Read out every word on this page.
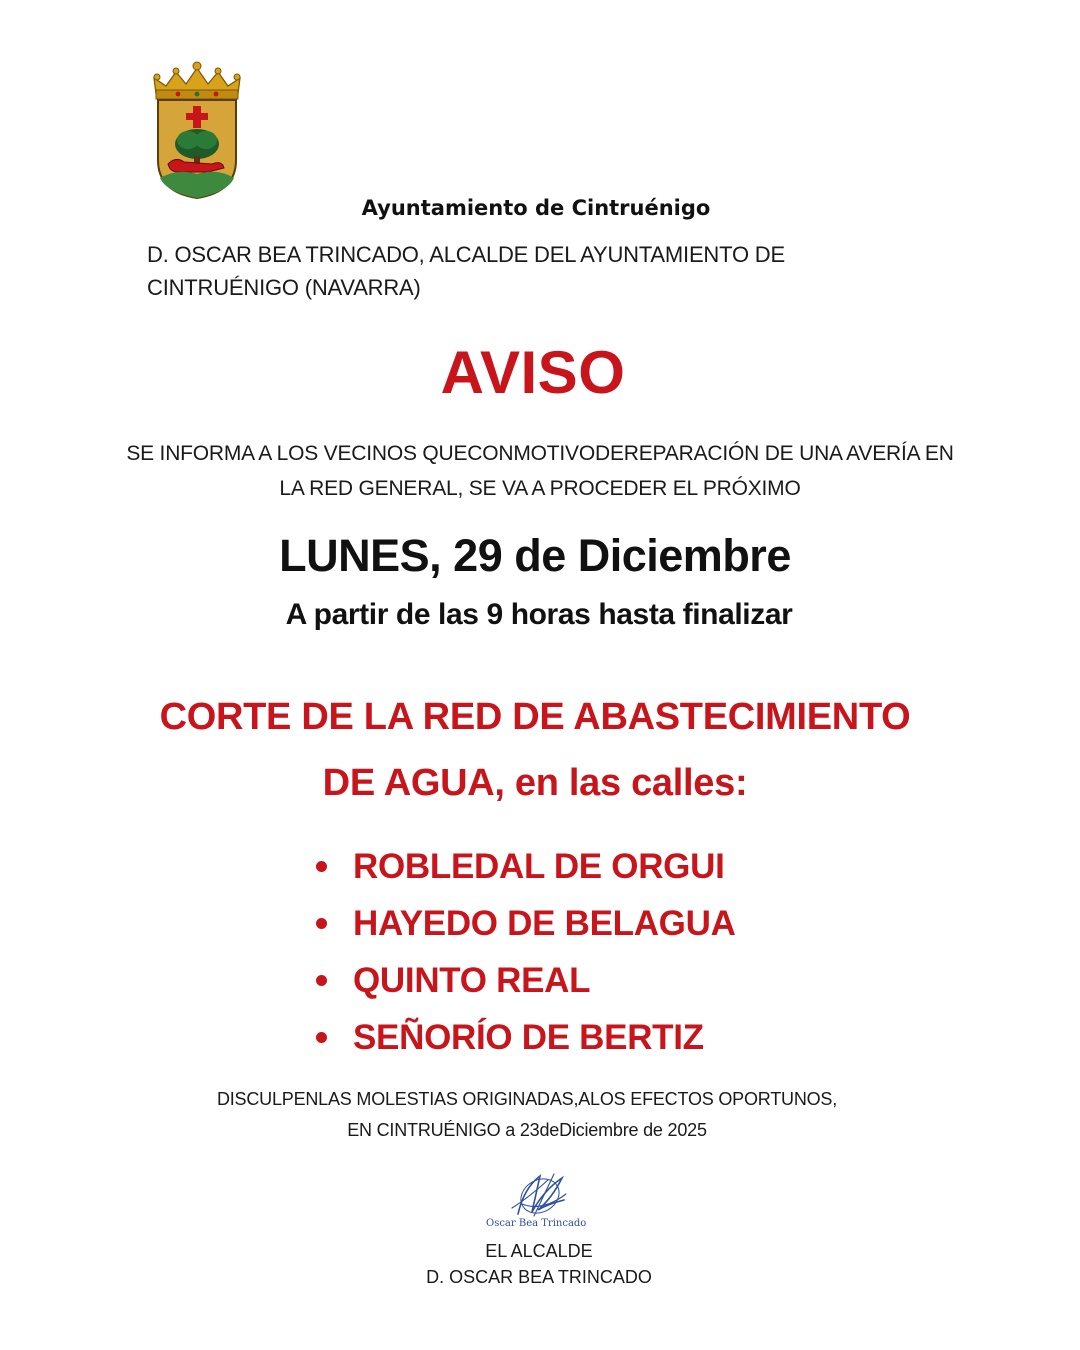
Ayuntamiento de Cintruénigo
D. OSCAR BEA TRINCADO, ALCALDE DEL AYUNTAMIENTO DE CINTRUÉNIGO (NAVARRA)
AVISO
SE INFORMA A LOS VECINOS QUECONMOTIVODEREPARACIÓN DE UNA AVERÍA EN
LA RED GENERAL, SE VA A PROCEDER EL PRÓXIMO
LUNES, 29 de Diciembre
A partir de las 9 horas hasta finalizar
CORTE DE LA RED DE ABASTECIMIENTO
DE AGUA, en las calles:
ROBLEDAL DE ORGUI
HAYEDO DE BELAGUA
QUINTO REAL
SEÑORÍO DE BERTIZ
DISCULPENLAS MOLESTIAS ORIGINADAS,ALOS EFECTOS OPORTUNOS,
EN CINTRUÉNIGO a 23deDiciembre de 2025
Oscar Bea Trincado
EL ALCALDE
D. OSCAR BEA TRINCADO
